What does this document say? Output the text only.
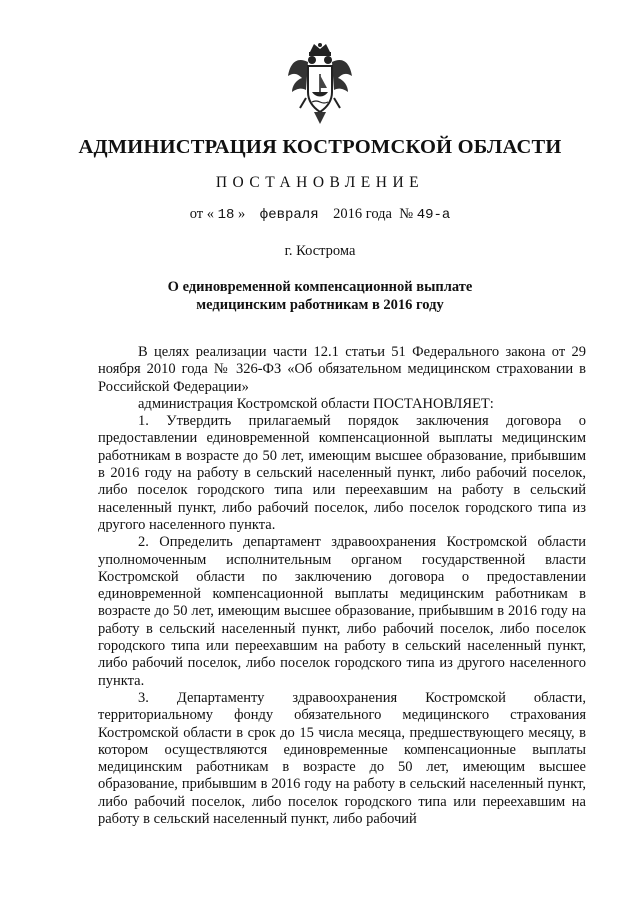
АДМИНИСТРАЦИЯ КОСТРОМСКОЙ ОБЛАСТИ
ПОСТАНОВЛЕНИЕ
от « 18 » февраля 2016 года № 49-а
г. Кострома
О единовременной компенсационной выплате
медицинским работникам в 2016 году

В целях реализации части 12.1 статьи 51 Федерального закона от 29 ноября 2010 года № 326-ФЗ «Об обязательном медицинском страховании в Российской Федерации»

администрация Костромской области ПОСТАНОВЛЯЕТ:

1. Утвердить прилагаемый порядок заключения договора о предоставлении единовременной компенсационной выплаты медицинским работникам в возрасте до 50 лет, имеющим высшее образование, прибывшим в 2016 году на работу в сельский населенный пункт, либо рабочий поселок, либо поселок городского типа или переехавшим на работу в сельский населенный пункт, либо рабочий поселок, либо поселок городского типа из другого населенного пункта.

2. Определить департамент здравоохранения Костромской области уполномоченным исполнительным органом государственной власти Костромской области по заключению договора о предоставлении единовременной компенсационной выплаты медицинским работникам в возрасте до 50 лет, имеющим высшее образование, прибывшим в 2016 году на работу в сельский населенный пункт, либо рабочий поселок, либо поселок городского типа или переехавшим на работу в сельский населенный пункт, либо рабочий поселок, либо поселок городского типа из другого населенного пункта.

3. Департаменту здравоохранения Костромской области, территориальному фонду обязательного медицинского страхования Костромской области в срок до 15 числа месяца, предшествующего месяцу, в котором осуществляются единовременные компенсационные выплаты медицинским работникам в возрасте до 50 лет, имеющим высшее образование, прибывшим в 2016 году на работу в сельский населенный пункт, либо рабочий поселок, либо поселок городского типа или переехавшим на работу в сельский населенный пункт, либо рабочий
